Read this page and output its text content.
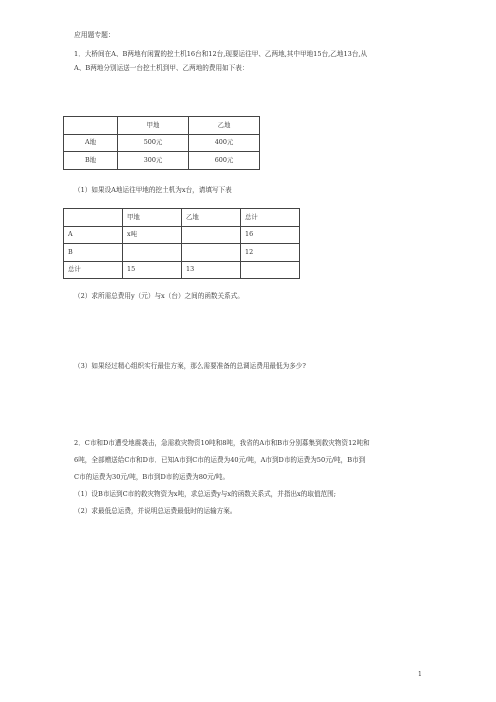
应用题专题：
1．大桥间在A、B两地有闲置的挖土机16台和12台,现要运往甲、乙两地,其中甲地15台,乙地13台,从
A、B两地分别运送一台挖土机到甲、乙两地的费用如下表：
	甲地	乙地
A地	500元	400元
B地	300元	600元
（1）如果设A地运往甲地的挖土机为x台，请填写下表
	甲地	乙地	总计
A	x吨		16
B			12
总计	15	13	
（2）求所需总费用y（元）与x（台）之间的函数关系式。
（3）如果经过精心组织实行最佳方案，那么需要准备的总调运费用最低为多少?
2．C市和D市遭受地震袭击，急需救灾物资10吨和8吨，我省的A市和B市分别募集到救灾物资12吨和
6吨，全部赠送给C市和D市．已知A市到C市的运费为40元/吨，A市到D市的运费为50元/吨，B市到
C市的运费为30元/吨，B市到D市的运费为80元/吨。
（1）设B市运到C市的救灾物资为x吨，求总运费y与x的函数关系式，并指出x的取值范围;
（2）求最低总运费，并说明总运费最低时的运输方案。
1
